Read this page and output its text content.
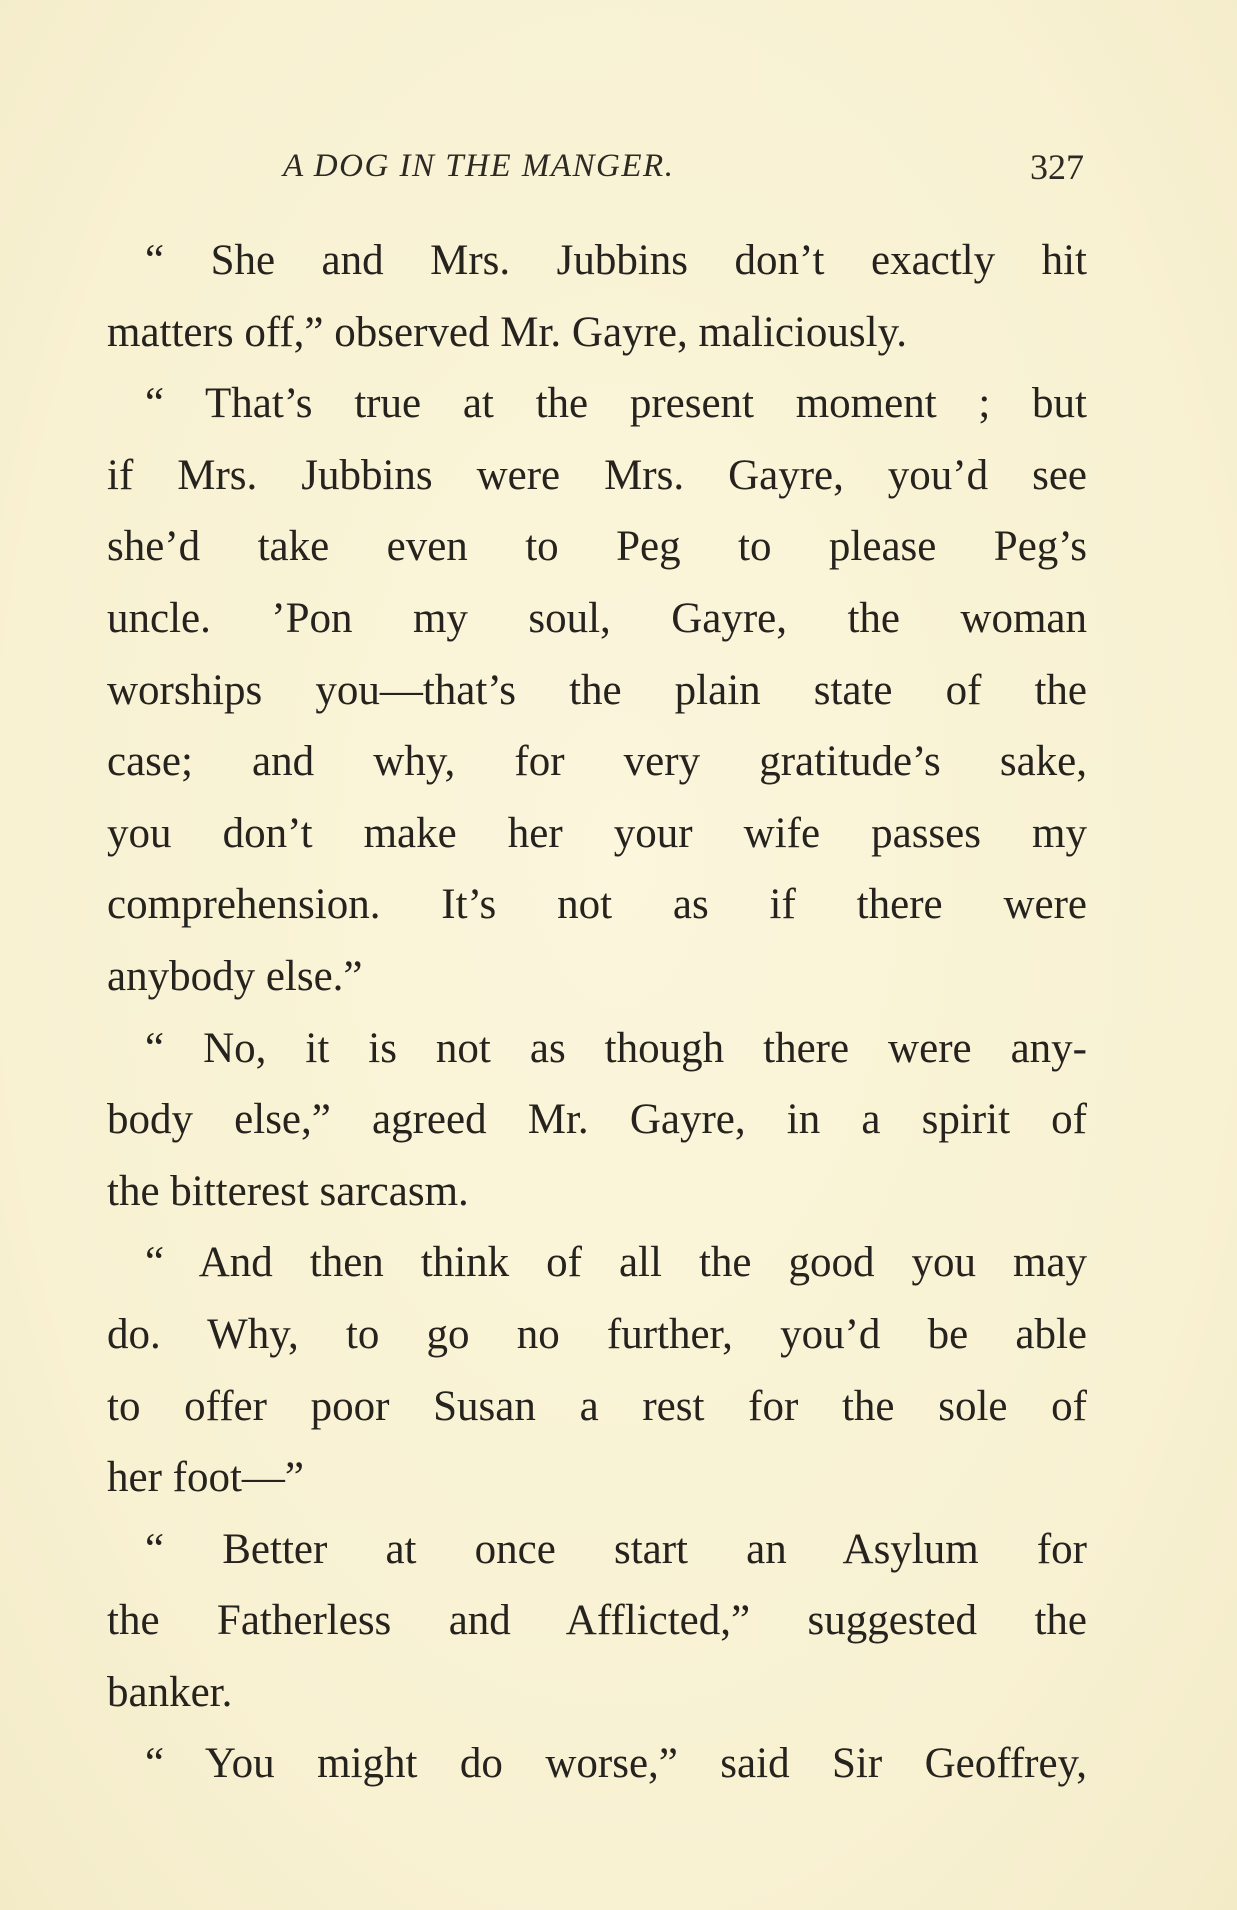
A DOG IN THE MANGER.	327
“ She and Mrs. Jubbins don’t exactly hit
matters off,” observed Mr. Gayre, maliciously.
“ That’s true at the present moment ; but
if Mrs. Jubbins were Mrs. Gayre, you’d see
she’d take even to Peg to please Peg’s
uncle. ’Pon my soul, Gayre, the woman
worships you—that’s the plain state of the
case; and why, for very gratitude’s sake,
you don’t make her your wife passes my
comprehension. It’s not as if there were
anybody else.”
“ No, it is not as though there were any-
body else,” agreed Mr. Gayre, in a spirit of
the bitterest sarcasm.
“ And then think of all the good you may
do. Why, to go no further, you’d be able
to offer poor Susan a rest for the sole of
her foot—”
“ Better at once start an Asylum for
the Fatherless and Afflicted,” suggested the
banker.
“ You might do worse,” said Sir Geoffrey,
